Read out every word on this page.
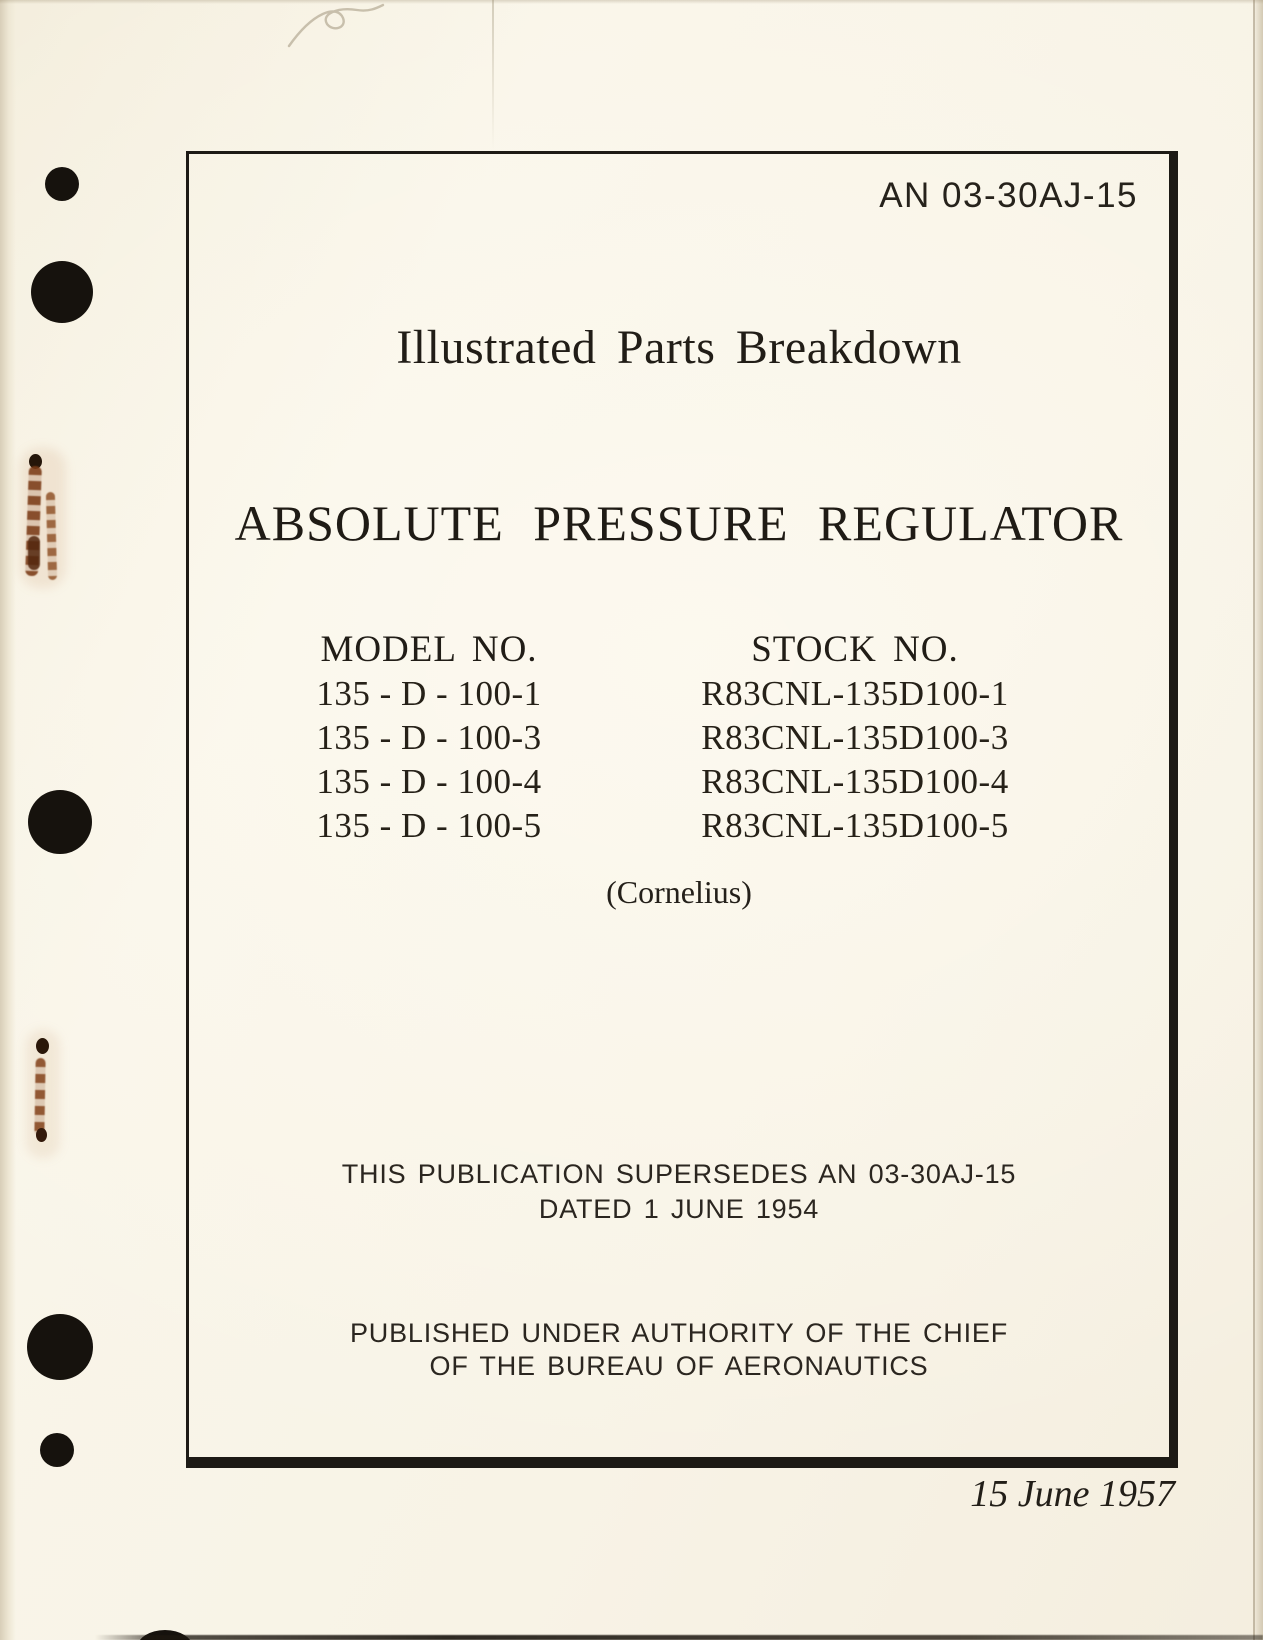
AN 03-30AJ-15
Illustrated Parts Breakdown
ABSOLUTE PRESSURE REGULATOR
MODEL NO.
135 - D - 100-1
135 - D - 100-3
135 - D - 100-4
135 - D - 100-5
STOCK NO.
R83CNL-135D100-1
R83CNL-135D100-3
R83CNL-135D100-4
R83CNL-135D100-5
(Cornelius)
THIS PUBLICATION SUPERSEDES AN 03-30AJ-15
DATED 1 JUNE 1954
PUBLISHED UNDER AUTHORITY OF THE CHIEF
OF THE BUREAU OF AERONAUTICS
15 June 1957
